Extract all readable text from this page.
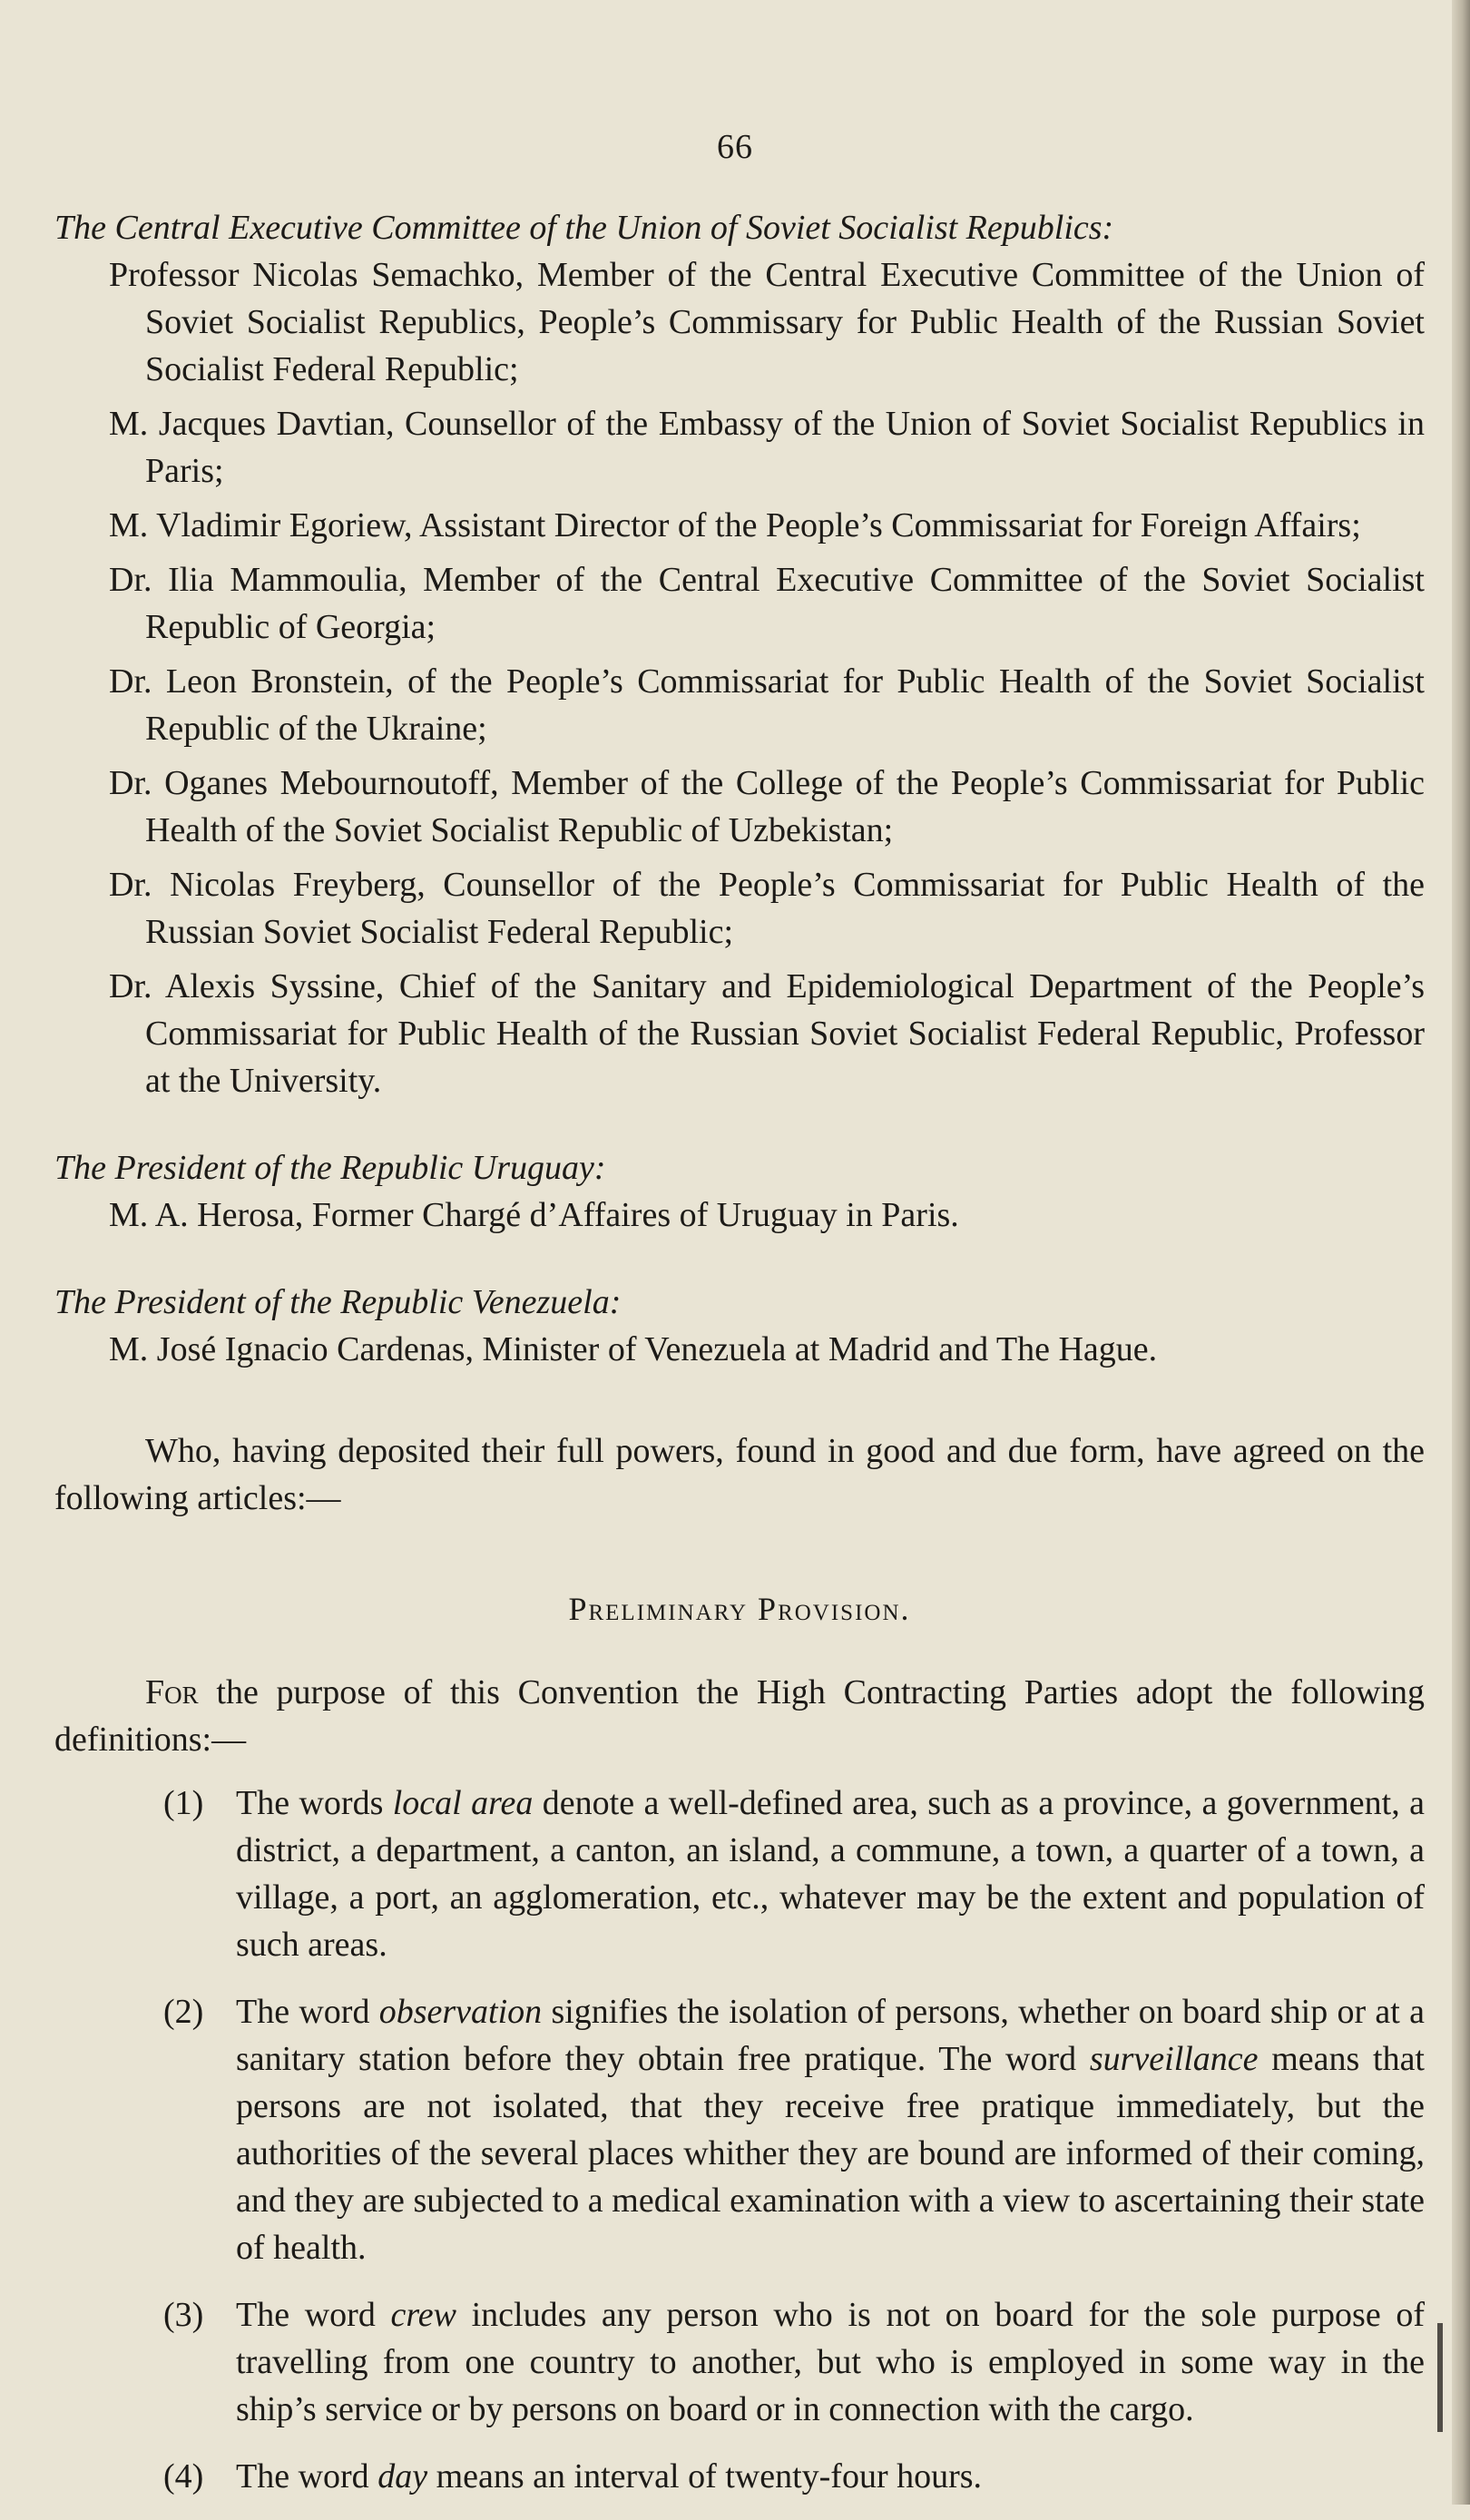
66

The Central Executive Committee of the Union of Soviet Socialist Republics:

Professor Nicolas Semachko, Member of the Central Executive Committee of the Union of Soviet Socialist Republics, People’s Commissary for Public Health of the Russian Soviet Socialist Federal Republic;

M. Jacques Davtian, Counsellor of the Embassy of the Union of Soviet Socialist Republics in Paris;

M. Vladimir Egoriew, Assistant Director of the People’s Commissariat for Foreign Affairs;

Dr. Ilia Mammoulia, Member of the Central Executive Committee of the Soviet Socialist Republic of Georgia;

Dr. Leon Bronstein, of the People’s Commissariat for Public Health of the Soviet Socialist Republic of the Ukraine;

Dr. Oganes Mebournoutoff, Member of the College of the People’s Commissariat for Public Health of the Soviet Socialist Republic of Uzbekistan;

Dr. Nicolas Freyberg, Counsellor of the People’s Commissariat for Public Health of the Russian Soviet Socialist Federal Republic;

Dr. Alexis Syssine, Chief of the Sanitary and Epidemiological Department of the People’s Commissariat for Public Health of the Russian Soviet Socialist Federal Republic, Professor at the University.

The President of the Republic Uruguay:

M. A. Herosa, Former Chargé d’Affaires of Uruguay in Paris.

The President of the Republic Venezuela:

M. José Ignacio Cardenas, Minister of Venezuela at Madrid and The Hague.

Who, having deposited their full powers, found in good and due form, have agreed on the following articles:—

Preliminary Provision.

For the purpose of this Convention the High Contracting Parties adopt the following definitions:—

(1) The words local area denote a well-defined area, such as a province, a government, a district, a department, a canton, an island, a commune, a town, a quarter of a town, a village, a port, an agglomeration, etc., whatever may be the extent and population of such areas.

(2) The word observation signifies the isolation of persons, whether on board ship or at a sanitary station before they obtain free pratique. The word surveillance means that persons are not isolated, that they receive free pratique immediately, but the authorities of the several places whither they are bound are informed of their coming, and they are subjected to a medical examination with a view to ascertaining their state of health.

(3) The word crew includes any person who is not on board for the sole purpose of travelling from one country to another, but who is employed in some way in the ship’s service or by persons on board or in connection with the cargo.

(4) The word day means an interval of twenty-four hours.
